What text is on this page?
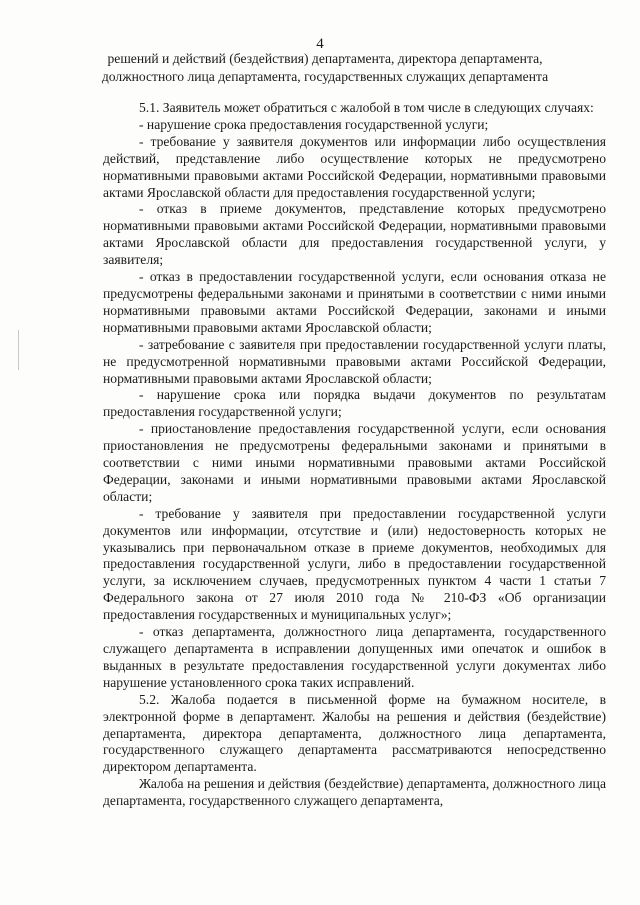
4
решений и действий (бездействия) департамента, директора департамента,
должностного лица департамента, государственных служащих департамента

5.1. Заявитель может обратиться с жалобой в том числе в следующих случаях:

- нарушение срока предоставления государственной услуги;

- требование у заявителя документов или информации либо осуществления действий, представление либо осуществление которых не предусмотрено нормативными правовыми актами Российской Федерации, нормативными правовыми актами Ярославской области для предоставления государственной услуги;

- отказ в приеме документов, представление которых предусмотрено нормативными правовыми актами Российской Федерации, нормативными правовыми актами Ярославской области для предоставления государственной услуги, у заявителя;

- отказ в предоставлении государственной услуги, если основания отказа не предусмотрены федеральными законами и принятыми в соответствии с ними иными нормативными правовыми актами Российской Федерации, законами и иными нормативными правовыми актами Ярославской области;

- затребование с заявителя при предоставлении государственной услуги платы, не предусмотренной нормативными правовыми актами Российской Федерации, нормативными правовыми актами Ярославской области;

- нарушение срока или порядка выдачи документов по результатам предоставления государственной услуги;

- приостановление предоставления государственной услуги, если основания приостановления не предусмотрены федеральными законами и принятыми в соответствии с ними иными нормативными правовыми актами Российской Федерации, законами и иными нормативными правовыми актами Ярославской области;

- требование у заявителя при предоставлении государственной услуги документов или информации, отсутствие и (или) недостоверность которых не указывались при первоначальном отказе в приеме документов, необходимых для предоставления государственной услуги, либо в предоставлении государственной услуги, за исключением случаев, предусмотренных пунктом 4 части 1 статьи 7 Федерального закона от 27 июля 2010 года № 210-ФЗ «Об организации предоставления государственных и муниципальных услуг»;

- отказ департамента, должностного лица департамента, государственного служащего департамента в исправлении допущенных ими опечаток и ошибок в выданных в результате предоставления государственной услуги документах либо нарушение установленного срока таких исправлений.

5.2. Жалоба подается в письменной форме на бумажном носителе, в электронной форме в департамент. Жалобы на решения и действия (бездействие) департамента, директора департамента, должностного лица департамента, государственного служащего департамента рассматриваются непосредственно директором департамента.

Жалоба на решения и действия (бездействие) департамента, должностного лица департамента, государственного служащего департамента,
